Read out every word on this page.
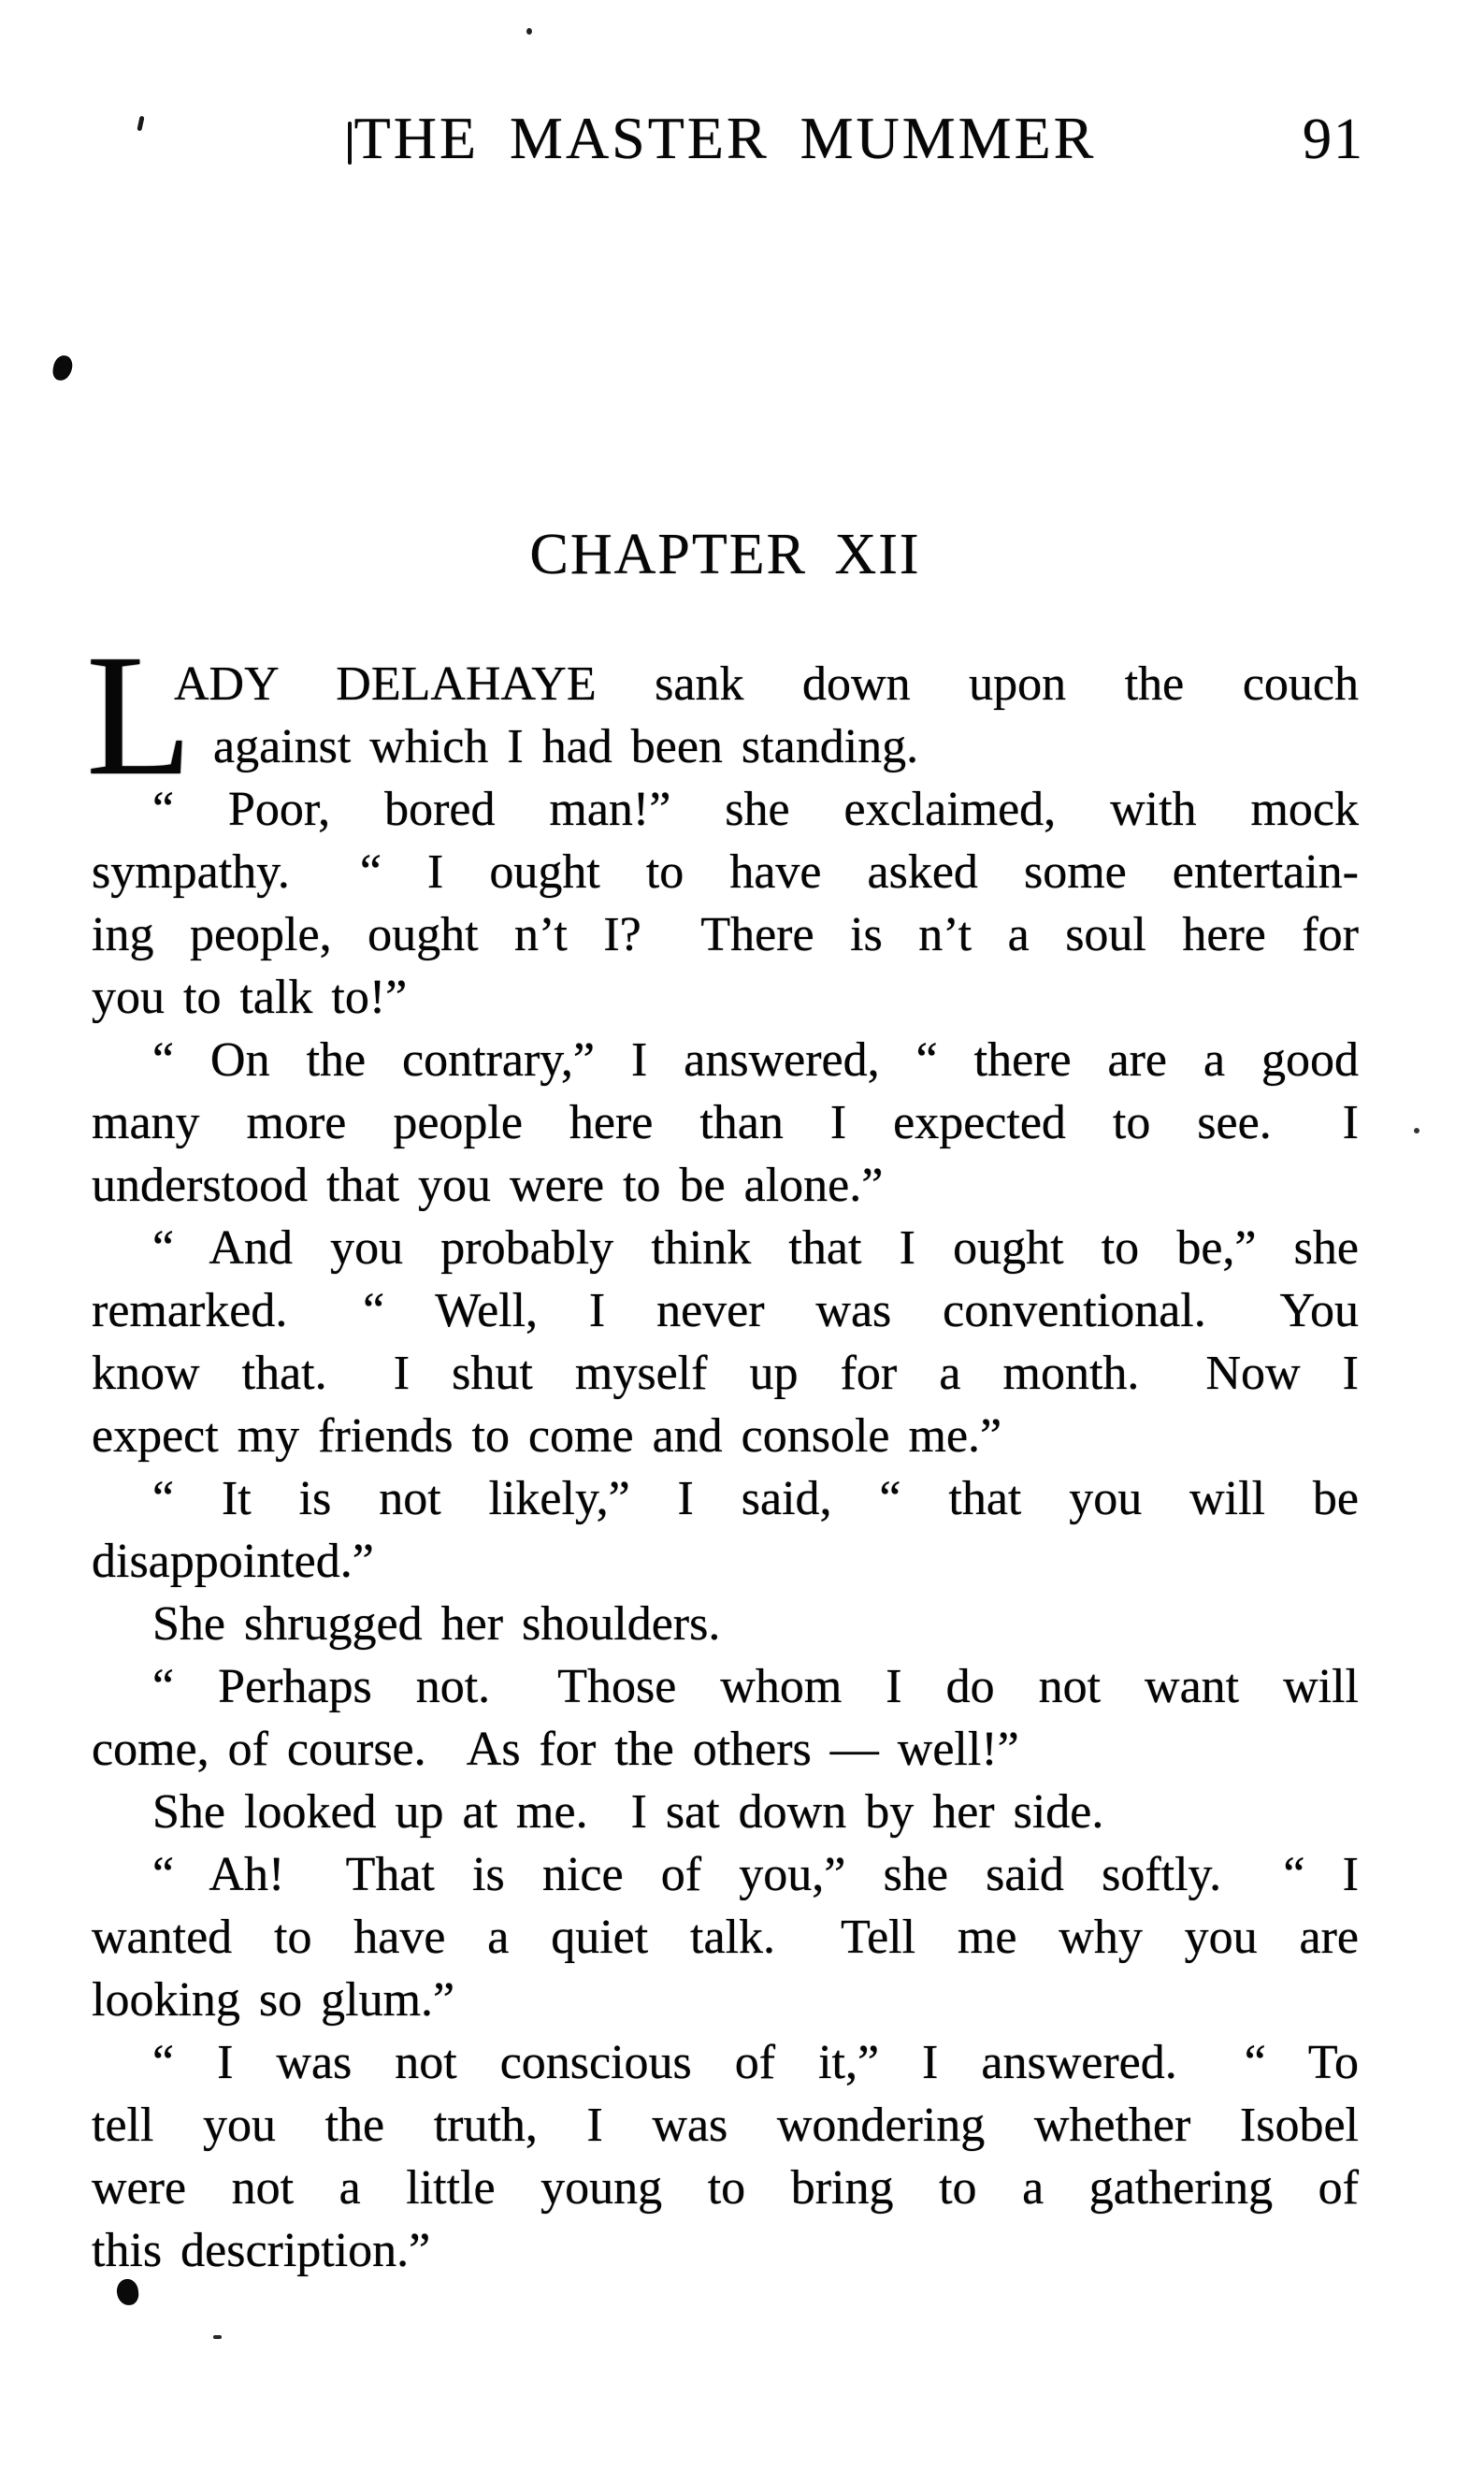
THE MASTER MUMMER	91
CHAPTER XII
L
ADY DELAHAYE sank down upon the couch
against which I had been standing.
“ Poor, bored man!” she exclaimed, with mock
sympathy.  “ I ought to have asked some entertain-
ing people, ought n’t I?  There is n’t a soul here for
you to talk to!”
“ On the contrary,” I answered, “ there are a good
many more people here than I expected to see.  I
understood that you were to be alone.”
“ And you probably think that I ought to be,” she
remarked.  “ Well, I never was conventional.  You
know that.  I shut myself up for a month.  Now I
expect my friends to come and console me.”
“ It is not likely,” I said, “ that you will be
disappointed.”
She shrugged her shoulders.
“ Perhaps not.  Those whom I do not want will
come, of course.  As for the others — well!”
She looked up at me.  I sat down by her side.
“ Ah!  That is nice of you,” she said softly.  “ I
wanted to have a quiet talk.  Tell me why you are
looking so glum.”
“ I was not conscious of it,” I answered.  “ To
tell you the truth, I was wondering whether Isobel
were not a little young to bring to a gathering of
this description.”
